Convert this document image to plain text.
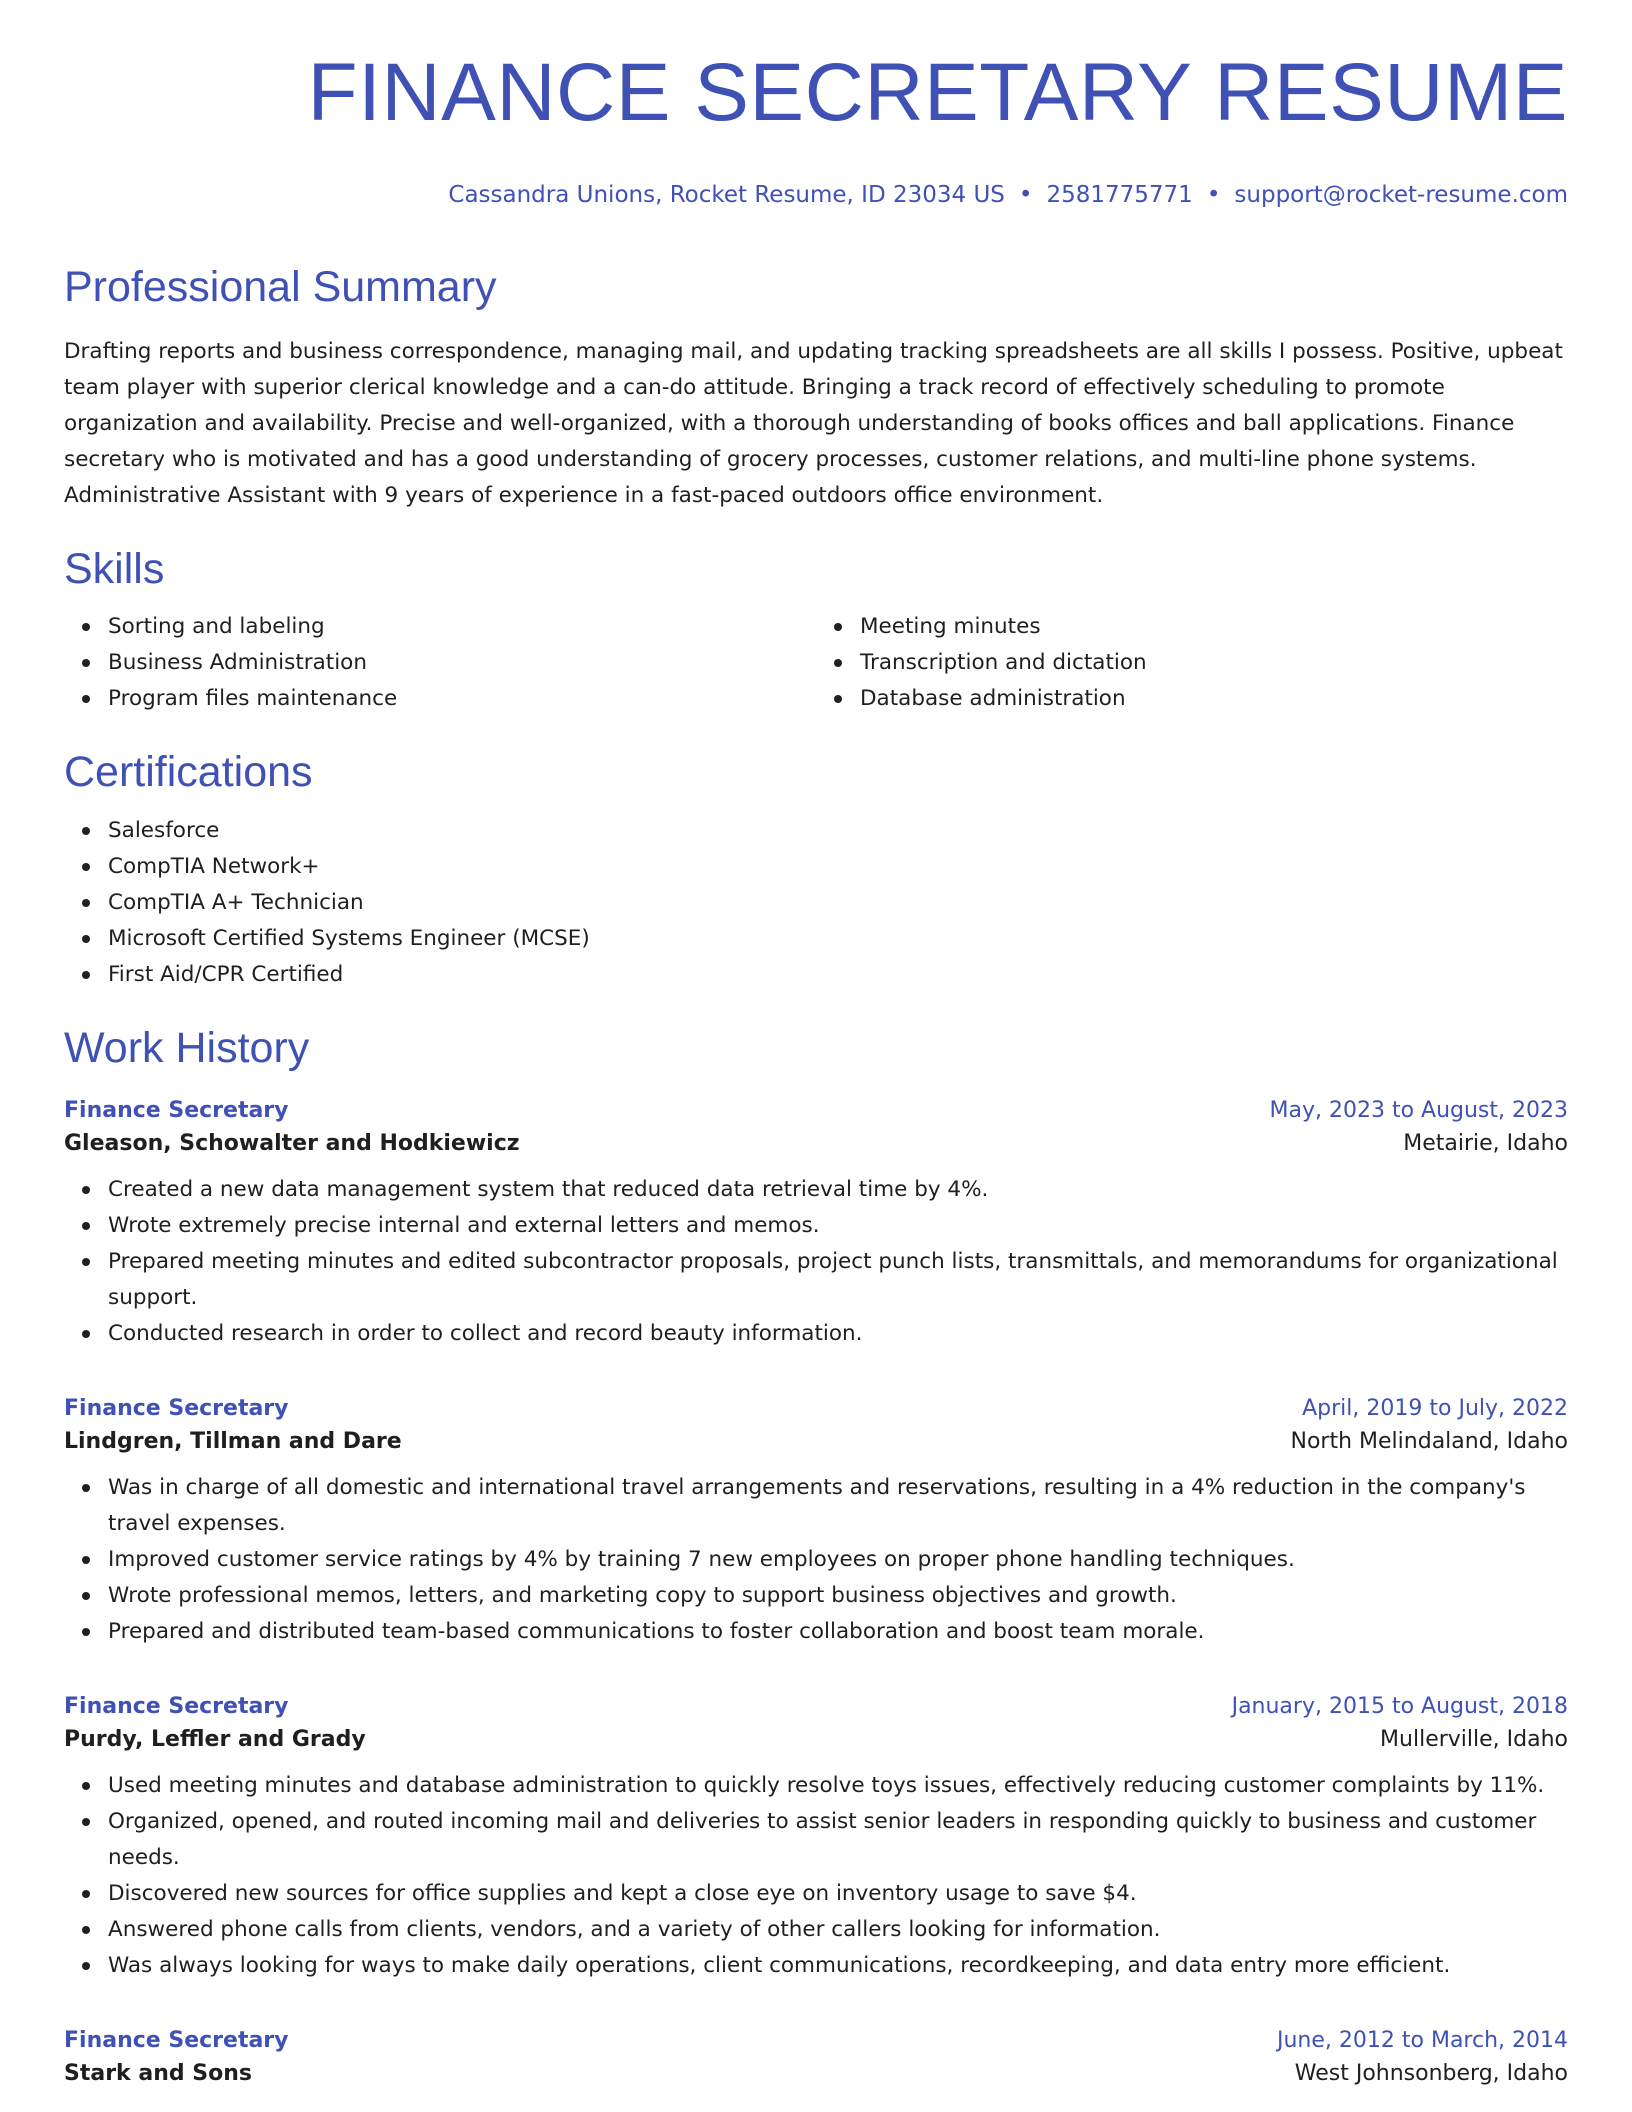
FINANCE SECRETARY RESUME
Cassandra Unions, Rocket Resume, ID 23034 US • 2581775771 • support@rocket-resume.com
Professional Summary

Drafting reports and business correspondence, managing mail, and updating tracking spreadsheets are all skills I possess. Positive, upbeat team player with superior clerical knowledge and a can-do attitude. Bringing a track record of effectively scheduling to promote organization and availability. Precise and well-organized, with a thorough understanding of books offices and ball applications. Finance secretary who is motivated and has a good understanding of grocery processes, customer relations, and multi-line phone systems. Administrative Assistant with 9 years of experience in a fast-paced outdoors office environment.

Skills
Sorting and labeling
Business Administration
Program files maintenance
Meeting minutes
Transcription and dictation
Database administration
Certifications
Salesforce
CompTIA Network+
CompTIA A+ Technician
Microsoft Certified Systems Engineer (MCSE)
First Aid/CPR Certified
Work History
Finance Secretary	May, 2023 to August, 2023
Gleason, Schowalter and Hodkiewicz	Metairie, Idaho
Created a new data management system that reduced data retrieval time by 4%.
Wrote extremely precise internal and external letters and memos.
Prepared meeting minutes and edited subcontractor proposals, project punch lists, transmittals, and memorandums for organizational support.
Conducted research in order to collect and record beauty information.
Finance Secretary	April, 2019 to July, 2022
Lindgren, Tillman and Dare	North Melindaland, Idaho
Was in charge of all domestic and international travel arrangements and reservations, resulting in a 4% reduction in the company's travel expenses.
Improved customer service ratings by 4% by training 7 new employees on proper phone handling techniques.
Wrote professional memos, letters, and marketing copy to support business objectives and growth.
Prepared and distributed team-based communications to foster collaboration and boost team morale.
Finance Secretary	January, 2015 to August, 2018
Purdy, Leffler and Grady	Mullerville, Idaho
Used meeting minutes and database administration to quickly resolve toys issues, effectively reducing customer complaints by 11%.
Organized, opened, and routed incoming mail and deliveries to assist senior leaders in responding quickly to business and customer needs.
Discovered new sources for office supplies and kept a close eye on inventory usage to save $4.
Answered phone calls from clients, vendors, and a variety of other callers looking for information.
Was always looking for ways to make daily operations, client communications, recordkeeping, and data entry more efficient.
Finance Secretary	June, 2012 to March, 2014
Stark and Sons	West Johnsonberg, Idaho
